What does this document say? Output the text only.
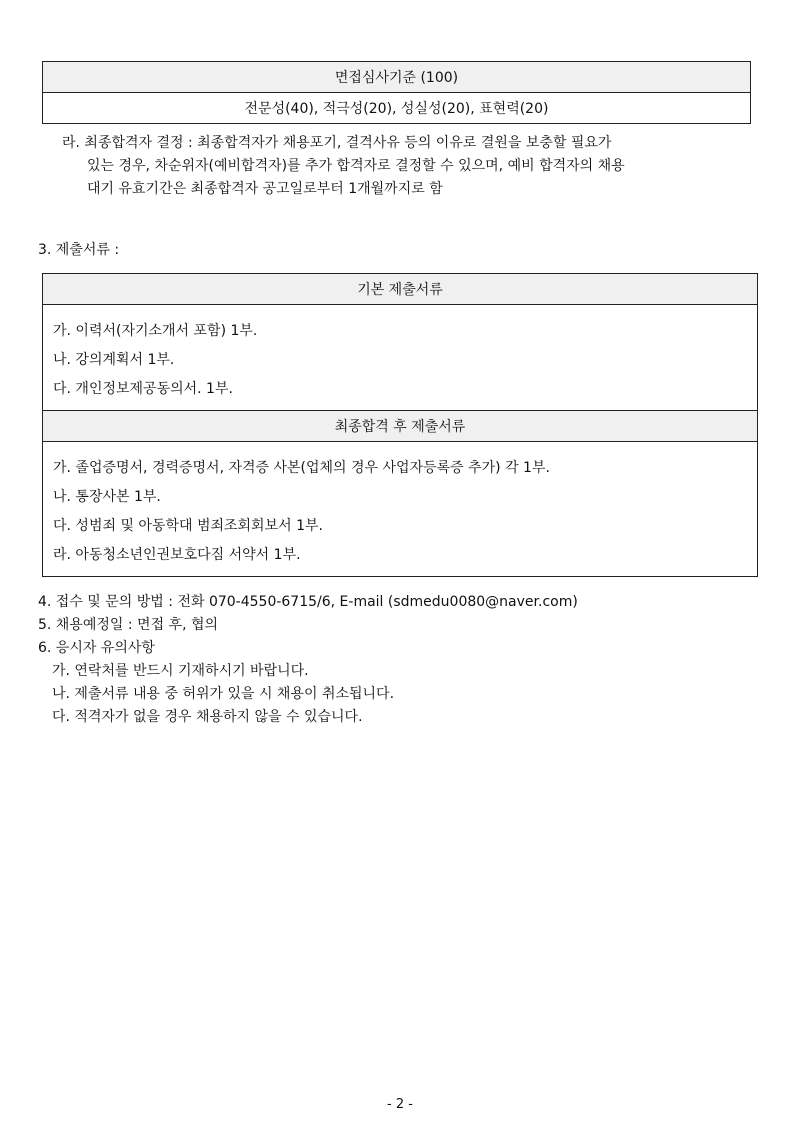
면접심사기준 (100)
전문성(40), 적극성(20), 성실성(20), 표현력(20)
라. 최종합격자 결정 : 최종합격자가 채용포기, 결격사유 등의 이유로 결원을 보충할 필요가
있는 경우, 차순위자(예비합격자)를 추가 합격자로 결정할 수 있으며, 예비 합격자의 채용
대기 유효기간은 최종합격자 공고일로부터 1개월까지로 함
3. 제출서류 :
기본 제출서류

가. 이력서(자기소개서 포함) 1부.
나. 강의계획서 1부.
다. 개인정보제공동의서. 1부.

최종합격 후 제출서류

가. 졸업증명서, 경력증명서, 자격증 사본(업체의 경우 사업자등록증 추가) 각 1부.
나. 통장사본 1부.
다. 성범죄 및 아동학대 범죄조회회보서 1부.
라. 아동청소년인권보호다짐 서약서 1부.
4. 접수 및 문의 방법 : 전화 070-4550-6715/6, E-mail (sdmedu0080@naver.com)
5. 채용예정일 : 면접 후, 협의
6. 응시자 유의사항
가. 연락처를 반드시 기재하시기 바랍니다.
나. 제출서류 내용 중 허위가 있을 시 채용이 취소됩니다.
다. 적격자가 없을 경우 채용하지 않을 수 있습니다.
- 2 -
